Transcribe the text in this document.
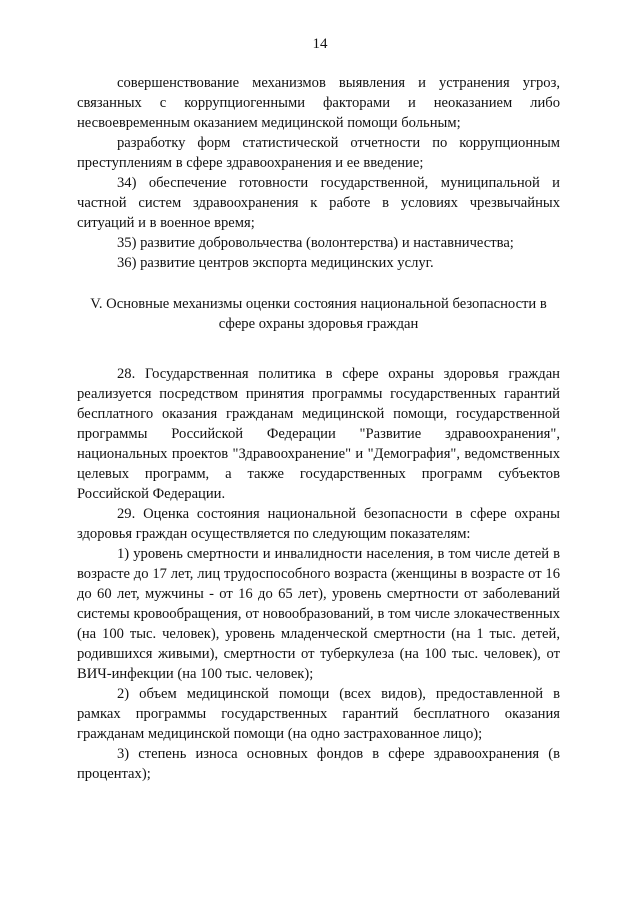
14

совершенствование механизмов выявления и устранения угроз, связанных с коррупциогенными факторами и неоказанием либо несвоевременным оказанием медицинской помощи больным;

разработку форм статистической отчетности по коррупционным преступлениям в сфере здравоохранения и ее введение;

34) обеспечение готовности государственной, муниципальной и частной систем здравоохранения к работе в условиях чрезвычайных ситуаций и в военное время;

35) развитие добровольчества (волонтерства) и наставничества;

36) развитие центров экспорта медицинских услуг.

V. Основные механизмы оценки состояния национальной безопасности в сфере охраны здоровья граждан

28. Государственная политика в сфере охраны здоровья граждан реализуется посредством принятия программы государственных гарантий бесплатного оказания гражданам медицинской помощи, государственной программы Российской Федерации "Развитие здравоохранения", национальных проектов "Здравоохранение" и "Демография", ведомственных целевых программ, а также государственных программ субъектов Российской Федерации.

29. Оценка состояния национальной безопасности в сфере охраны здоровья граждан осуществляется по следующим показателям:

1) уровень смертности и инвалидности населения, в том числе детей в возрасте до 17 лет, лиц трудоспособного возраста (женщины в возрасте от 16 до 60 лет, мужчины - от 16 до 65 лет), уровень смертности от заболеваний системы кровообращения, от новообразований, в том числе злокачественных (на 100 тыс. человек), уровень младенческой смертности (на 1 тыс. детей, родившихся живыми), смертности от туберкулеза (на 100 тыс. человек), от ВИЧ-инфекции (на 100 тыс. человек);

2) объем медицинской помощи (всех видов), предоставленной в рамках программы государственных гарантий бесплатного оказания гражданам медицинской помощи (на одно застрахованное лицо);

3) степень износа основных фондов в сфере здравоохранения (в процентах);
